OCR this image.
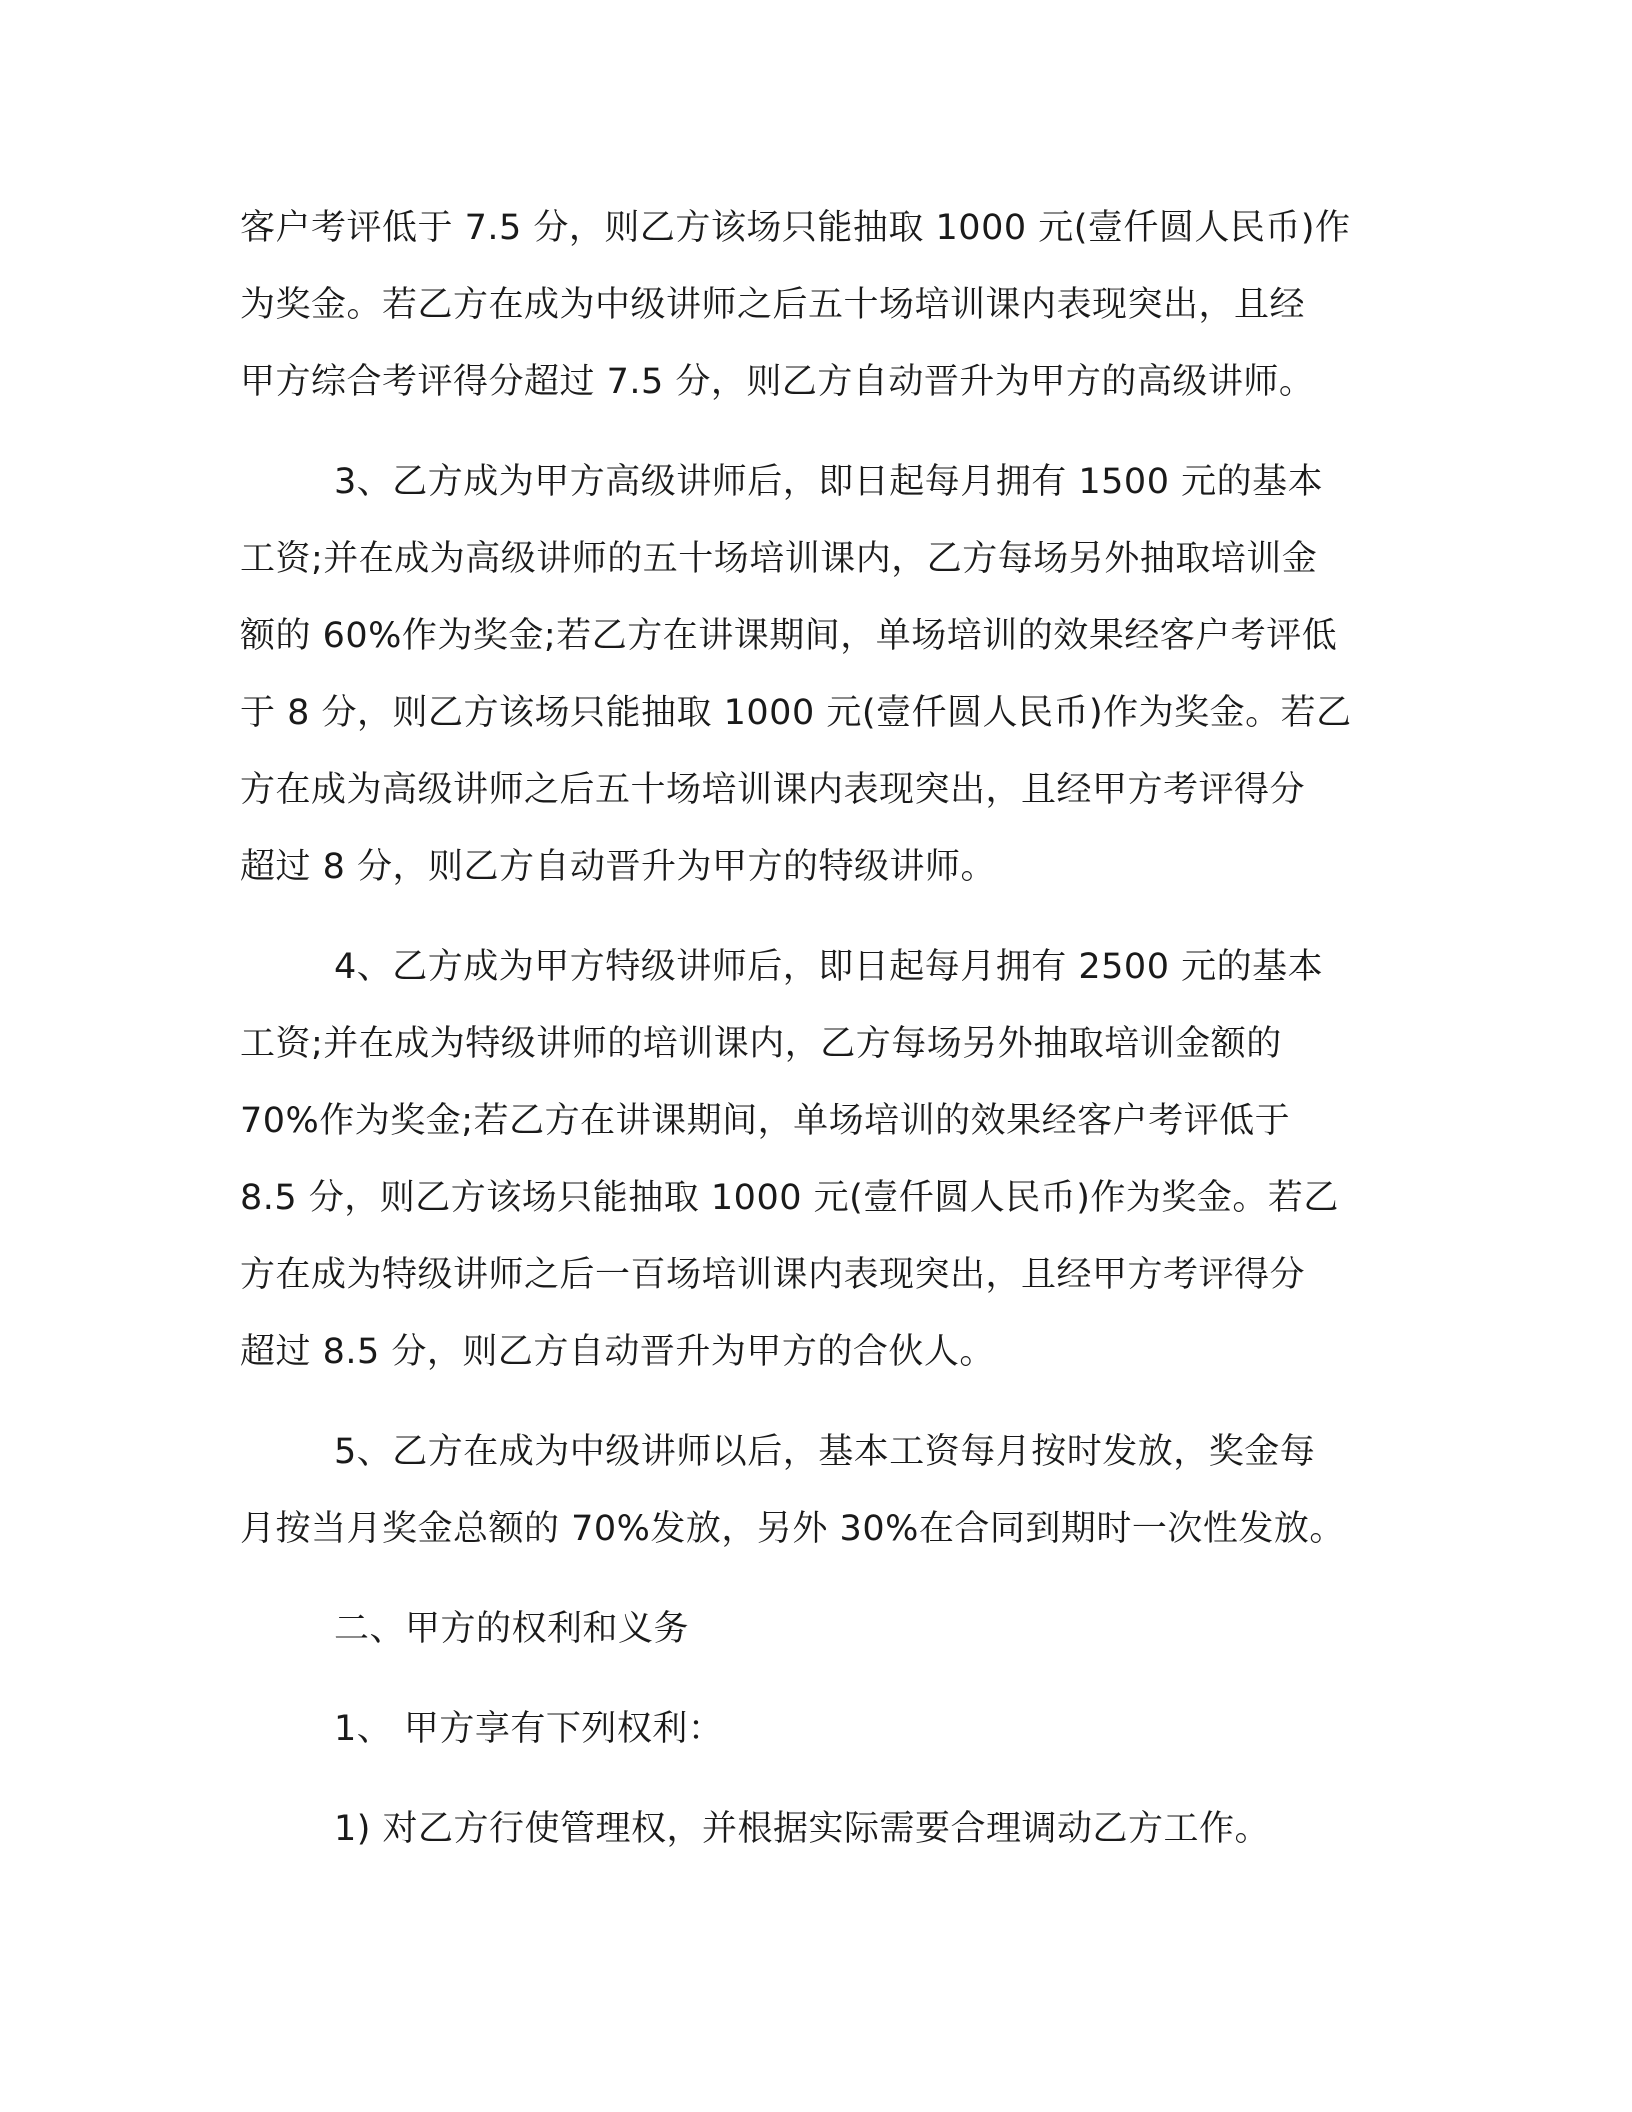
客户考评低于 7.5 分，则乙方该场只能抽取 1000 元(壹仟圆人民币)作
为奖金。若乙方在成为中级讲师之后五十场培训课内表现突出，且经
甲方综合考评得分超过 7.5 分，则乙方自动晋升为甲方的高级讲师。
3、乙方成为甲方高级讲师后，即日起每月拥有 1500 元的基本
工资;并在成为高级讲师的五十场培训课内，乙方每场另外抽取培训金
额的 60%作为奖金;若乙方在讲课期间，单场培训的效果经客户考评低
于 8 分，则乙方该场只能抽取 1000 元(壹仟圆人民币)作为奖金。若乙
方在成为高级讲师之后五十场培训课内表现突出，且经甲方考评得分
超过 8 分，则乙方自动晋升为甲方的特级讲师。
4、乙方成为甲方特级讲师后，即日起每月拥有 2500 元的基本
工资;并在成为特级讲师的培训课内，乙方每场另外抽取培训金额的
70%作为奖金;若乙方在讲课期间，单场培训的效果经客户考评低于
8.5 分，则乙方该场只能抽取 1000 元(壹仟圆人民币)作为奖金。若乙
方在成为特级讲师之后一百场培训课内表现突出，且经甲方考评得分
超过 8.5 分，则乙方自动晋升为甲方的合伙人。
5、乙方在成为中级讲师以后，基本工资每月按时发放，奖金每
月按当月奖金总额的 70%发放，另外 30%在合同到期时一次性发放。
二、甲方的权利和义务
1、 甲方享有下列权利：
1) 对乙方行使管理权，并根据实际需要合理调动乙方工作。
